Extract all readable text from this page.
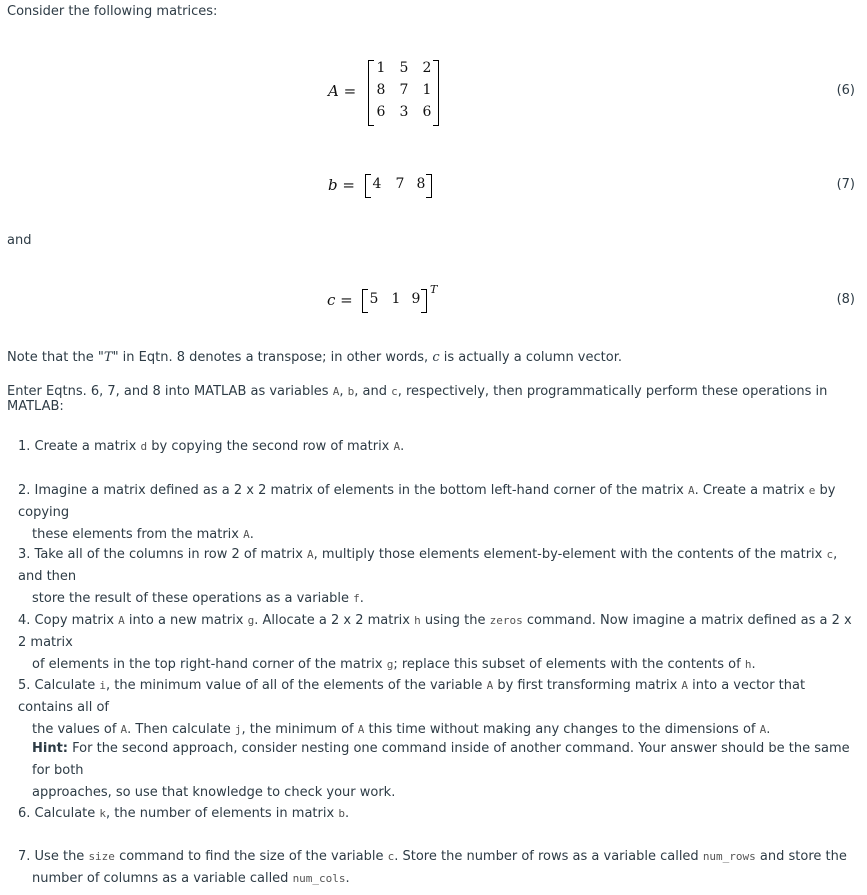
Consider the following matrices:
A =
1 5 2
8 7 1
6 3 6
(6)
b = 4 7 8	(7)
and
c = 5 1 9
T
(8)
Note that the "T" in Eqtn. 8 denotes a transpose; in other words, c is actually a column vector.
Enter Eqtns. 6, 7, and 8 into MATLAB as variables A, b, and c, respectively, then programmatically perform these operations in MATLAB:
1. Create a matrix d by copying the second row of matrix A.
2. Imagine a matrix defined as a 2 x 2 matrix of elements in the bottom left-hand corner of the matrix A. Create a matrix e by copying
these elements from the matrix A.
3. Take all of the columns in row 2 of matrix A, multiply those elements element-by-element with the contents of the matrix c, and then
store the result of these operations as a variable f.
4. Copy matrix A into a new matrix g. Allocate a 2 x 2 matrix h using the zeros command. Now imagine a matrix defined as a 2 x 2 matrix
of elements in the top right-hand corner of the matrix g; replace this subset of elements with the contents of h.
5. Calculate i, the minimum value of all of the elements of the variable A by first transforming matrix A into a vector that contains all of
the values of A. Then calculate j, the minimum of A this time without making any changes to the dimensions of A.
Hint: For the second approach, consider nesting one command inside of another command. Your answer should be the same for both
approaches, so use that knowledge to check your work.
6. Calculate k, the number of elements in matrix b.
7. Use the size command to find the size of the variable c. Store the number of rows as a variable called num_rows and store the
number of columns as a variable called num_cols.
